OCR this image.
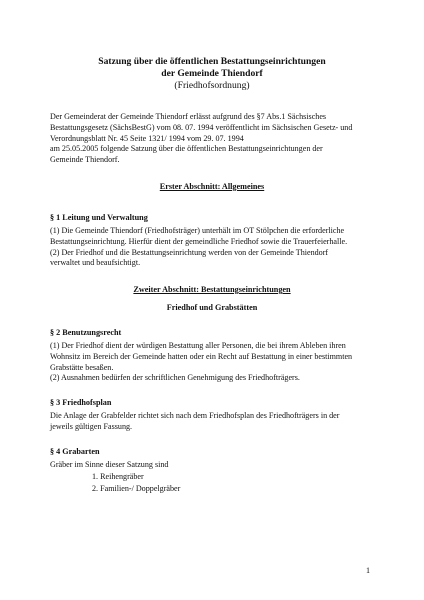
Satzung über die öffentlichen Bestattungseinrichtungen
der Gemeinde Thiendorf
(Friedhofsordnung)
Der Gemeinderat der Gemeinde Thiendorf erlässt aufgrund des §7 Abs.1 Sächsisches
Bestattungsgesetz (SächsBestG) vom 08. 07. 1994 veröffentlicht im Sächsischen Gesetz- und
Verordnungsblatt Nr. 45 Seite 1321/ 1994 vom 29. 07. 1994
am 25.05.2005 folgende Satzung über die öffentlichen Bestattungseinrichtungen der
Gemeinde Thiendorf.
Erster Abschnitt: Allgemeines
§ 1 Leitung und Verwaltung
(1) Die Gemeinde Thiendorf (Friedhofsträger) unterhält im OT Stölpchen die erforderliche
Bestattungseinrichtung. Hierfür dient der gemeindliche Friedhof sowie die Trauerfeierhalle.
(2) Der Friedhof und die Bestattungseinrichtung werden von der Gemeinde Thiendorf
verwaltet und beaufsichtigt.
Zweiter Abschnitt: Bestattungseinrichtungen
Friedhof und Grabstätten
§ 2 Benutzungsrecht
(1) Der Friedhof dient der würdigen Bestattung aller Personen, die bei ihrem Ableben ihren
Wohnsitz im Bereich der Gemeinde hatten oder ein Recht auf Bestattung in einer bestimmten
Grabstätte besaßen.
(2) Ausnahmen bedürfen der schriftlichen Genehmigung des Friedhofträgers.
§ 3 Friedhofsplan
Die Anlage der Grabfelder richtet sich nach dem Friedhofsplan des Friedhofträgers in der
jeweils gültigen Fassung.
§ 4 Grabarten
Gräber im Sinne dieser Satzung sind
1. Reihengräber
2. Familien-/ Doppelgräber
1
